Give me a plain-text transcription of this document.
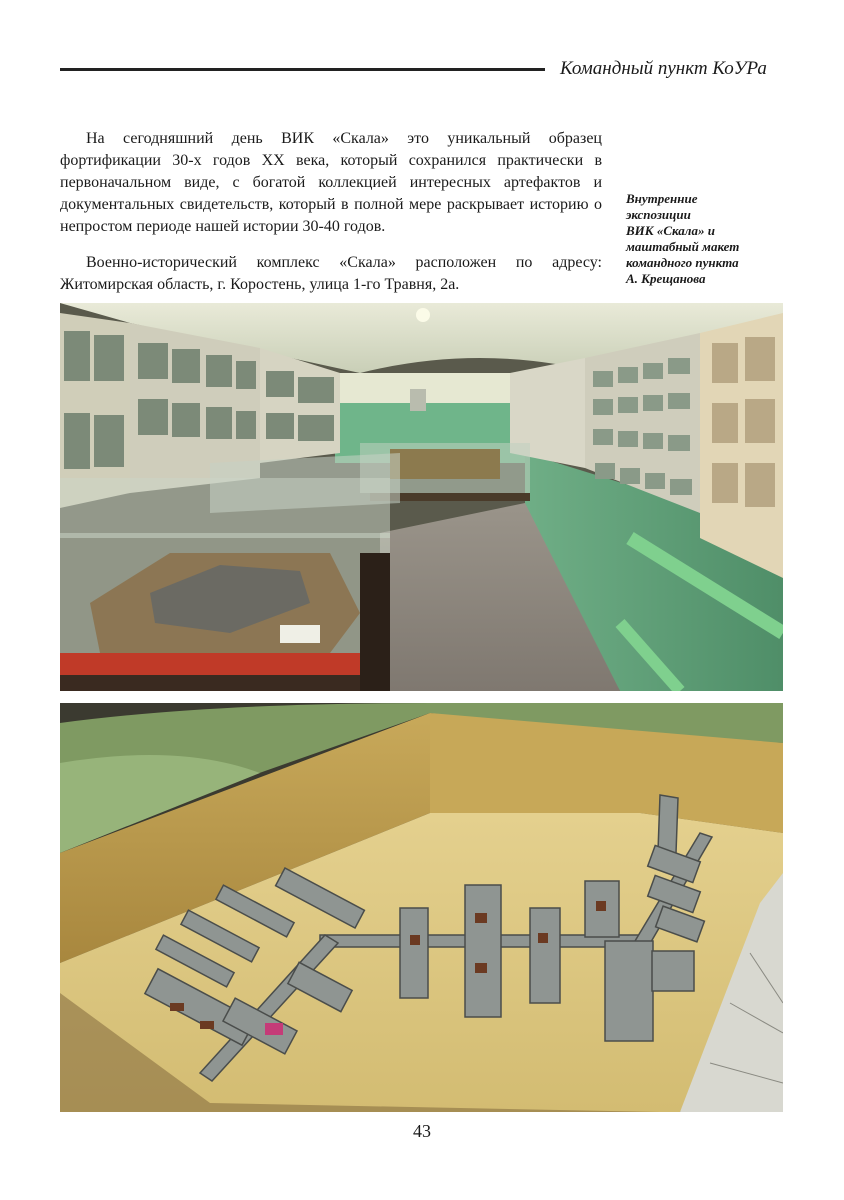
Командный пункт КоУРа

На сегодняшний день ВИК «Скала» это уникальный образец фортификации 30-х годов XX века, который сохранился практически в первоначальном виде, с богатой коллекцией интересных артефактов и документальных свидетельств, который в полной мере раскрывает историю о непростом периоде нашей истории 30-40 годов.

Военно-исторический комплекс «Скала» расположен по адресу: Житомирская область, г. Коростень, улица 1-го Травня, 2а.

Внутренние
экспозиции
ВИК «Скала» и
маштабный макет
командного пункта
А. Крещанова
43
